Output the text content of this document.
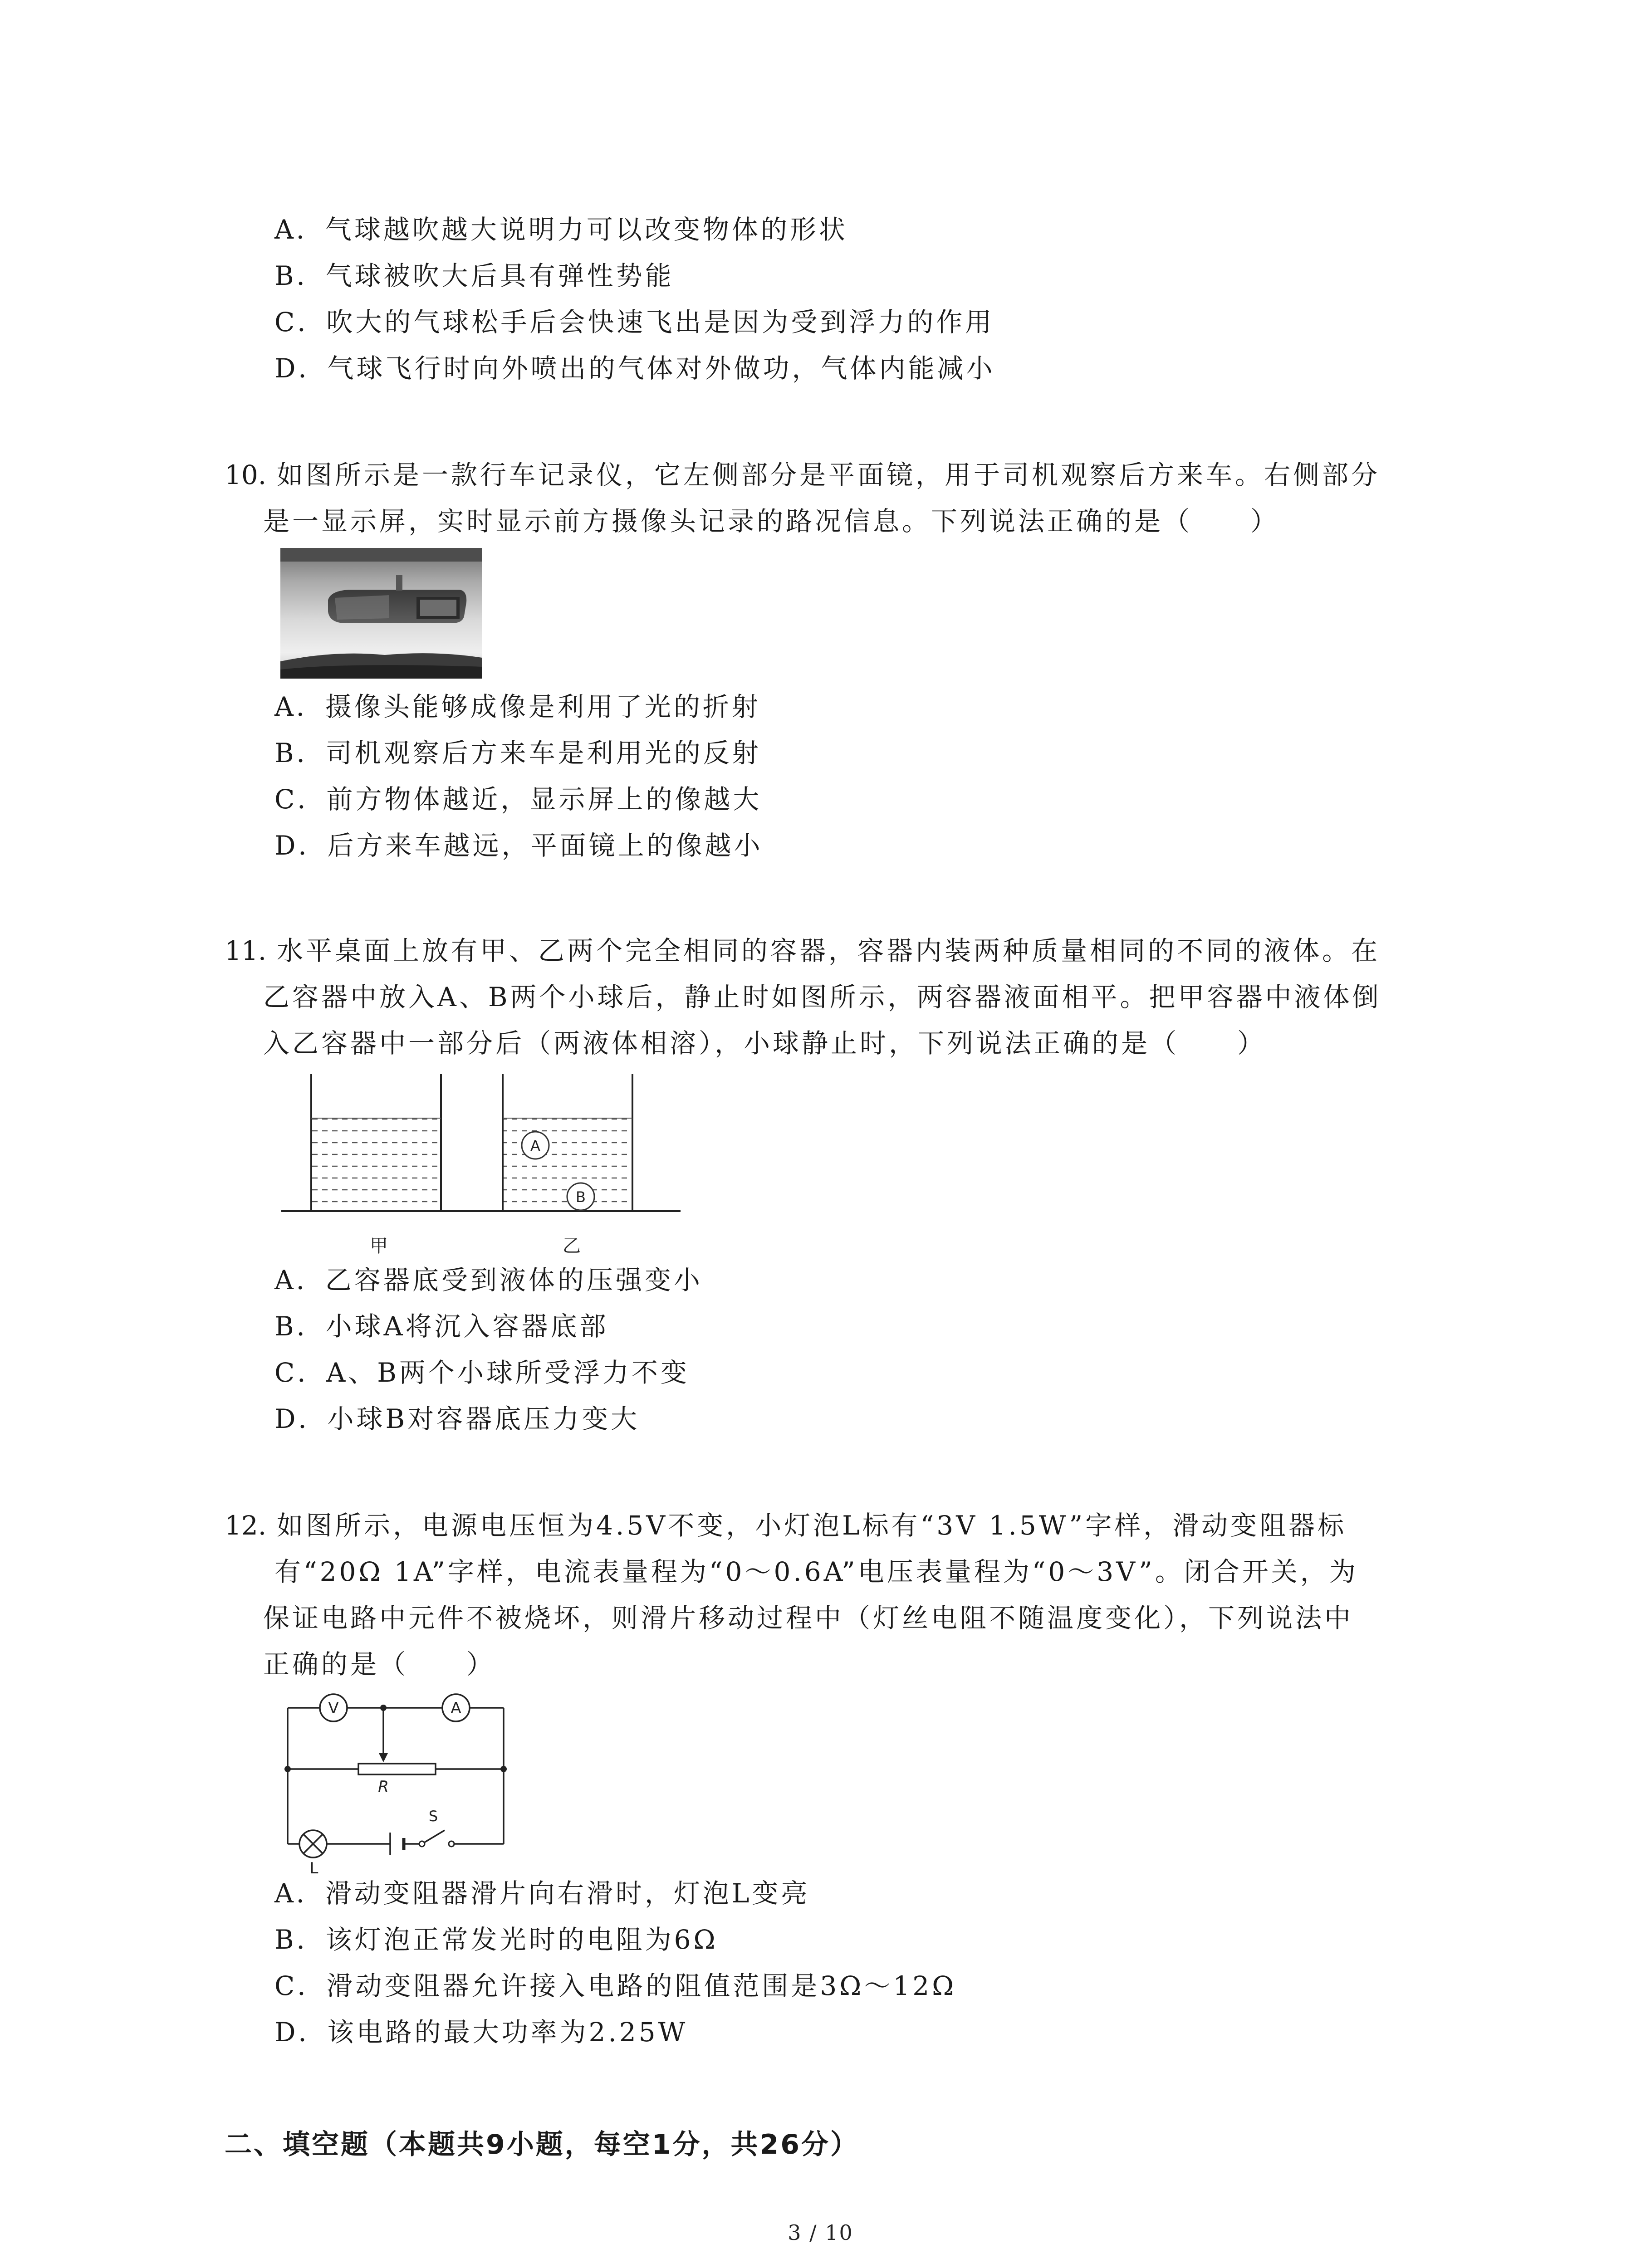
A．气球越吹越大说明力可以改变物体的形状
B．气球被吹大后具有弹性势能
C．吹大的气球松手后会快速飞出是因为受到浮力的作用
D．气球飞行时向外喷出的气体对外做功，气体内能减小
10. 如图所示是一款行车记录仪，它左侧部分是平面镜，用于司机观察后方来车。右侧部分
是一显示屏，实时显示前方摄像头记录的路况信息。下列说法正确的是（　　）
A．摄像头能够成像是利用了光的折射
B．司机观察后方来车是利用光的反射
C．前方物体越近，显示屏上的像越大
D．后方来车越远，平面镜上的像越小
11. 水平桌面上放有甲、乙两个完全相同的容器，容器内装两种质量相同的不同的液体。在
乙容器中放入A、B两个小球后，静止时如图所示，两容器液面相平。把甲容器中液体倒
入乙容器中一部分后（两液体相溶），小球静止时，下列说法正确的是（　　）
A
B
甲	乙
A．乙容器底受到液体的压强变小
B．小球A将沉入容器底部
C．A、B两个小球所受浮力不变
D．小球B对容器底压力变大
12. 如图所示，电源电压恒为4.5V不变，小灯泡L标有“3V 1.5W”字样，滑动变阻器标
有“20Ω 1A”字样，电流表量程为“0～0.6A”电压表量程为“0～3V”。闭合开关，为
保证电路中元件不被烧坏，则滑片移动过程中（灯丝电阻不随温度变化），下列说法中
正确的是（　　）
V	A
R
L
S
A．滑动变阻器滑片向右滑时，灯泡L变亮
B．该灯泡正常发光时的电阻为6Ω
C．滑动变阻器允许接入电路的阻值范围是3Ω～12Ω
D．该电路的最大功率为2.25W
二、填空题（本题共9小题，每空1分，共26分）
3 / 10
